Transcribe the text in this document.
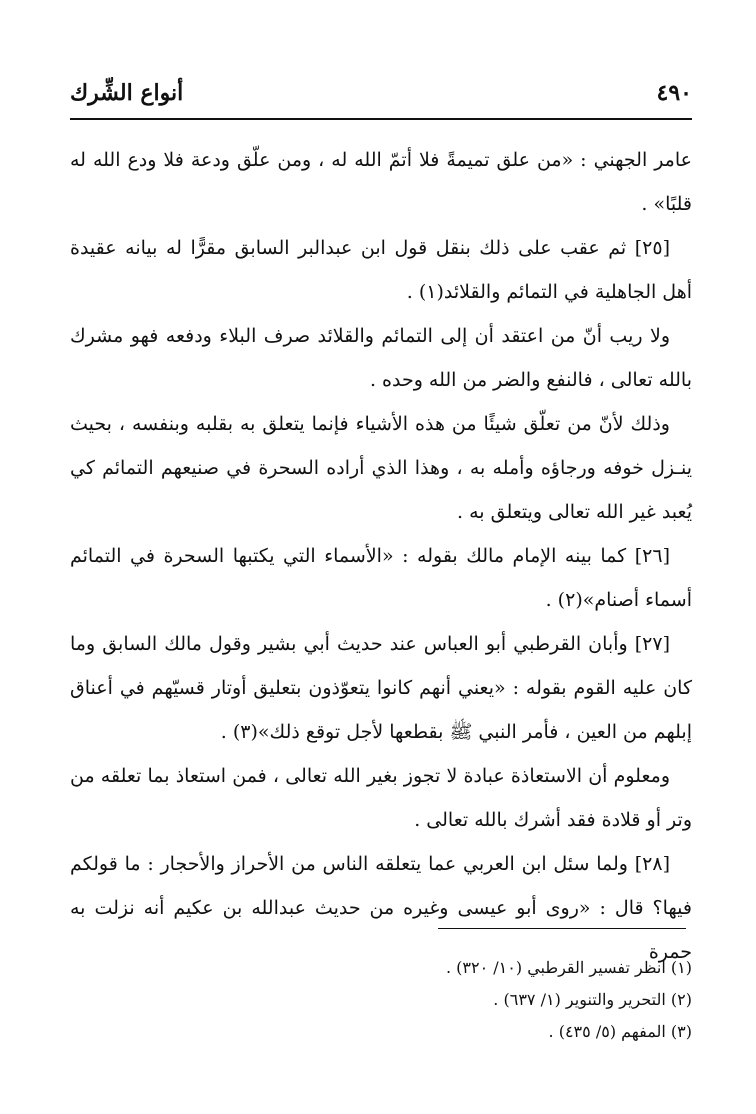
٤٩٠
أنواع الشِّرك

عامر الجهني : «من علق تميمةً فلا أتمّ الله له ، ومن علّق ودعة فلا ودع الله له قلبًا» .

[٢٥] ثم عقب على ذلك بنقل قول ابن عبدالبر السابق مقرًّا له بيانه عقيدة أهل الجاهلية في التمائم والقلائد(١) .

ولا ريب أنّ من اعتقد أن إلى التمائم والقلائد صرف البلاء ودفعه فهو مشرك بالله تعالى ، فالنفع والضر من الله وحده .

وذلك لأنّ من تعلّق شيئًا من هذه الأشياء فإنما يتعلق به بقلبه وبنفسه ، بحيث ينـزل خوفه ورجاؤه وأمله به ، وهذا الذي أراده السحرة في صنيعهم التمائم كي يُعبد غير الله تعالى ويتعلق به .

[٢٦] كما بينه الإمام مالك بقوله : «الأسماء التي يكتبها السحرة في التمائم أسماء أصنام»(٢) .

[٢٧] وأبان القرطبي أبو العباس عند حديث أبي بشير وقول مالك السابق وما كان عليه القوم بقوله : «يعني أنهم كانوا يتعوّذون بتعليق أوتار قسيّهم في أعناق إبلهم من العين ، فأمر النبي ﷺ بقطعها لأجل توقع ذلك»(٣) .

ومعلوم أن الاستعاذة عبادة لا تجوز بغير الله تعالى ، فمن استعاذ بما تعلقه من وتر أو قلادة فقد أشرك بالله تعالى .

[٢٨] ولما سئل ابن العربي عما يتعلقه الناس من الأحراز والأحجار : ما قولكم فيها؟ قال : «روى أبو عيسى وغيره من حديث عبدالله بن عكيم أنه نزلت به حمرة

(١) انظر تفسير القرطبي (١٠/ ٣٢٠) .
(٢) التحرير والتنوير (١/ ٦٣٧) .
(٣) المفهم (٥/ ٤٣٥) .
